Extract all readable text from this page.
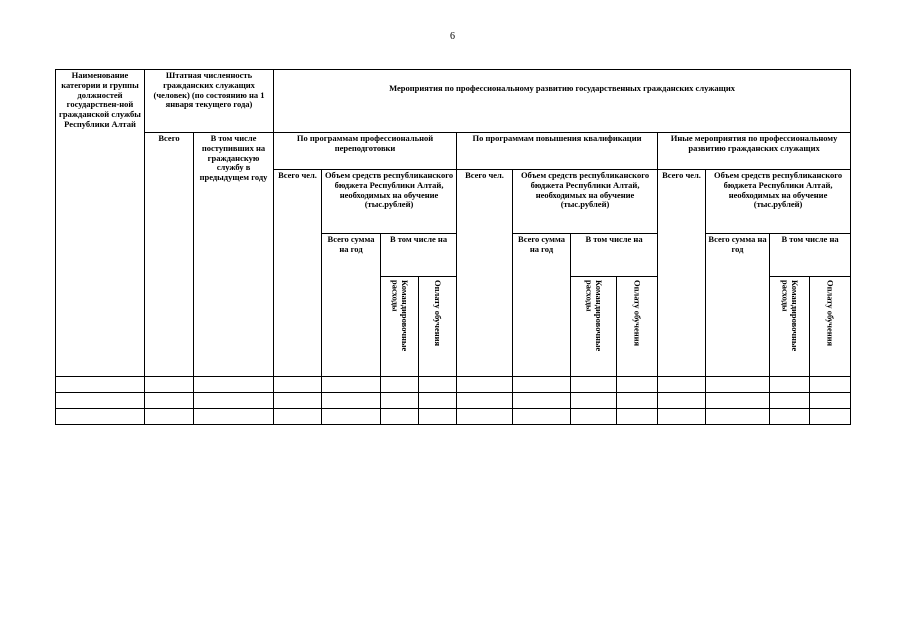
6
Наименование категории и группы должностей государствен-ной гражданской службы Республики Алтай	Штатная численность гражданских служащих (человек) (по состоянию на 1 января текущего года)		Мероприятия по профессиональному развитию государственных гражданских служащих											
	Всего	В том числе поступивших на гражданскую службу в предыдущем году	По программам профессиональной переподготовки				По программам повышения квалификации				Иные мероприятия по профессиональному развитию гражданских служащих			
			Всего чел.	Объем средств республиканского бюджета Республики Алтай, необходимых на обучение (тыс.рублей)			Всего чел.	Объем средств республиканского бюджета Республики Алтай, необходимых на обучение (тыс.рублей)			Всего чел.	Объем средств республиканского бюджета Республики Алтай, необходимых на обучение (тыс.рублей)		
				Всего сумма на год	В том числе на			Всего сумма на год	В том числе на			Всего сумма на год	В том числе на	

					Командировочные расходы	Оплату обучения			Командировочные расходы	Оплату обучения			Командировочные расходы	Оплату обучения
